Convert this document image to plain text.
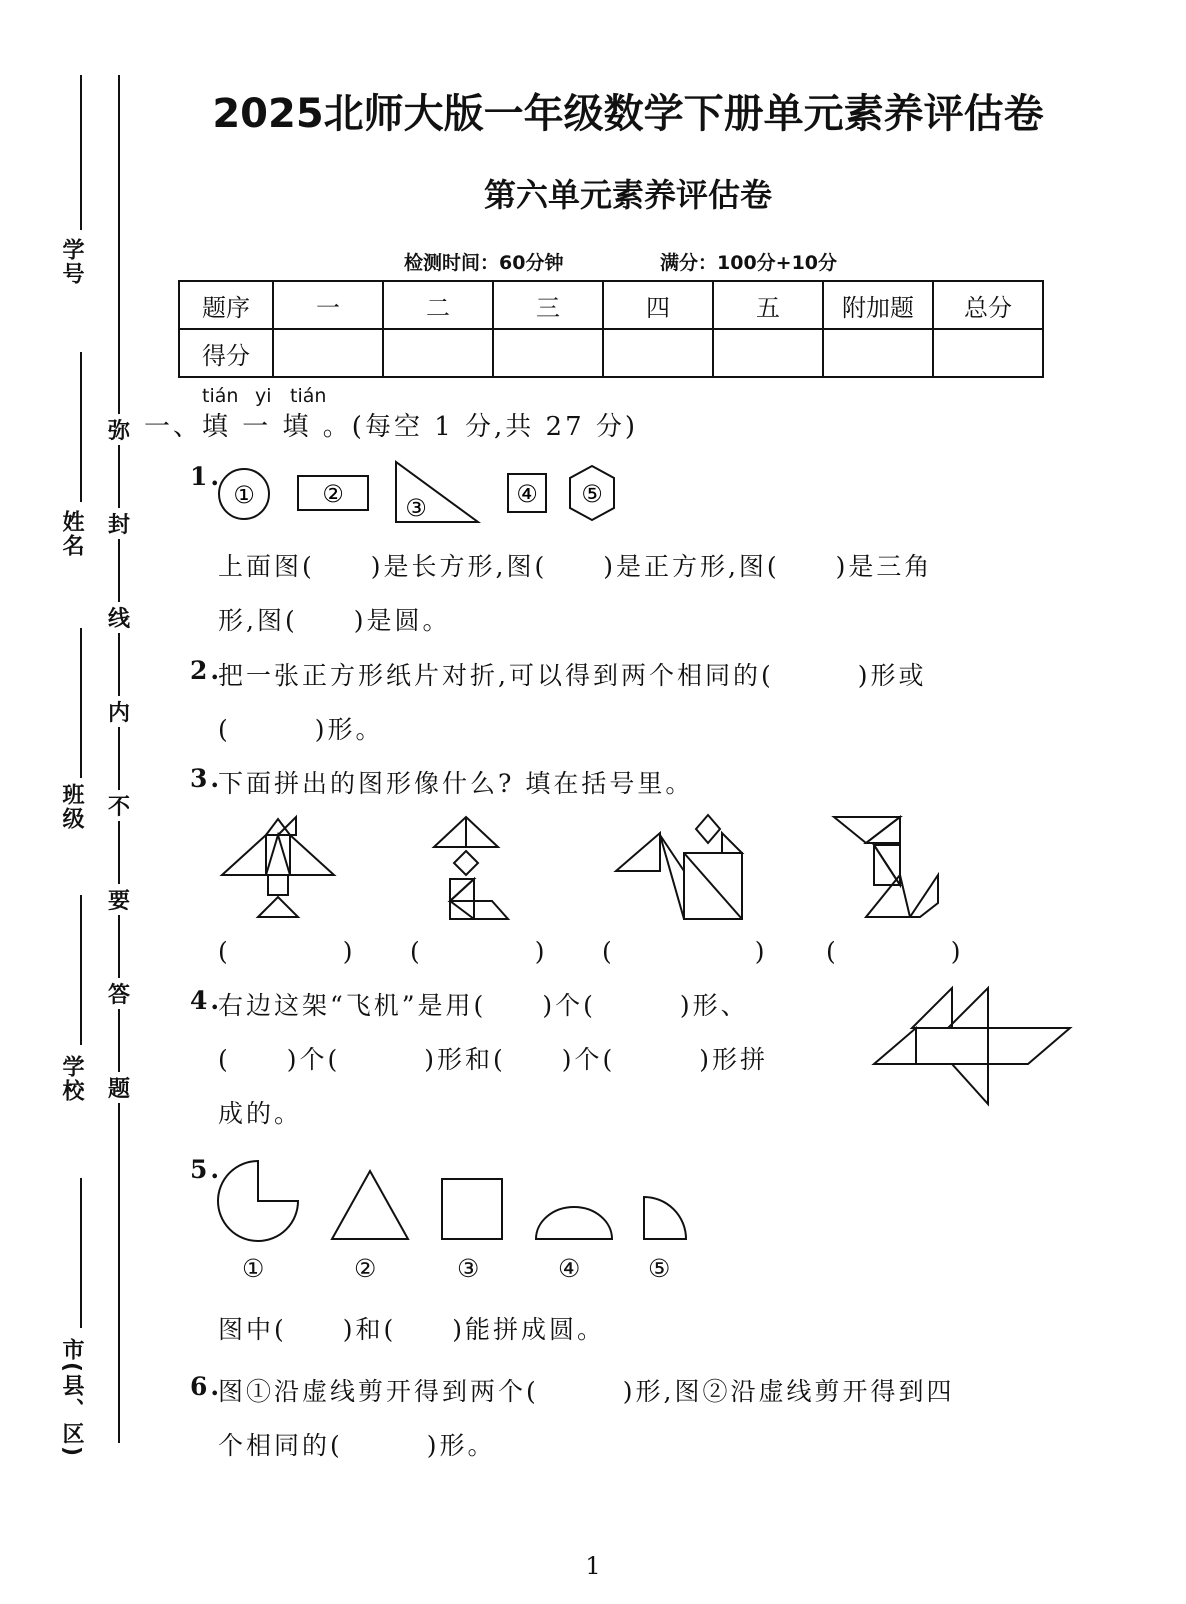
学号
姓名
班级
学校
市(县、区)
弥
封
线
内
不
要
答
题
2025北师大版一年级数学下册单元素养评估卷
第六单元素养评估卷
检测时间：60分钟	满分：100分+10分
题序	一	二	三	四	五	附加题	总分
得分							
tián yi tián
一、填 一 填 。(每空 1 分,共 27 分)
1.
①	②	③	④ ⑤
上面图(　　)是长方形,图(　　)是正方形,图(　　)是三角
形,图(　　)是圆。
2.
把一张正方形纸片对折,可以得到两个相同的(　　　)形或
(　　　)形。
3.
下面拼出的图形像什么? 填在括号里。
(　　　　) (　　　　) (　　　　　) (　　　　)
4.
右边这架“飞机”是用(　　)个(　　　)形、
(　　)个(　　　)形和(　　)个(　　　)形拼
成的。
5.
①	②	③	④	⑤
图中(　　)和(　　)能拼成圆。
6.
图①沿虚线剪开得到两个(　　　)形,图②沿虚线剪开得到四
个相同的(　　　)形。
1
